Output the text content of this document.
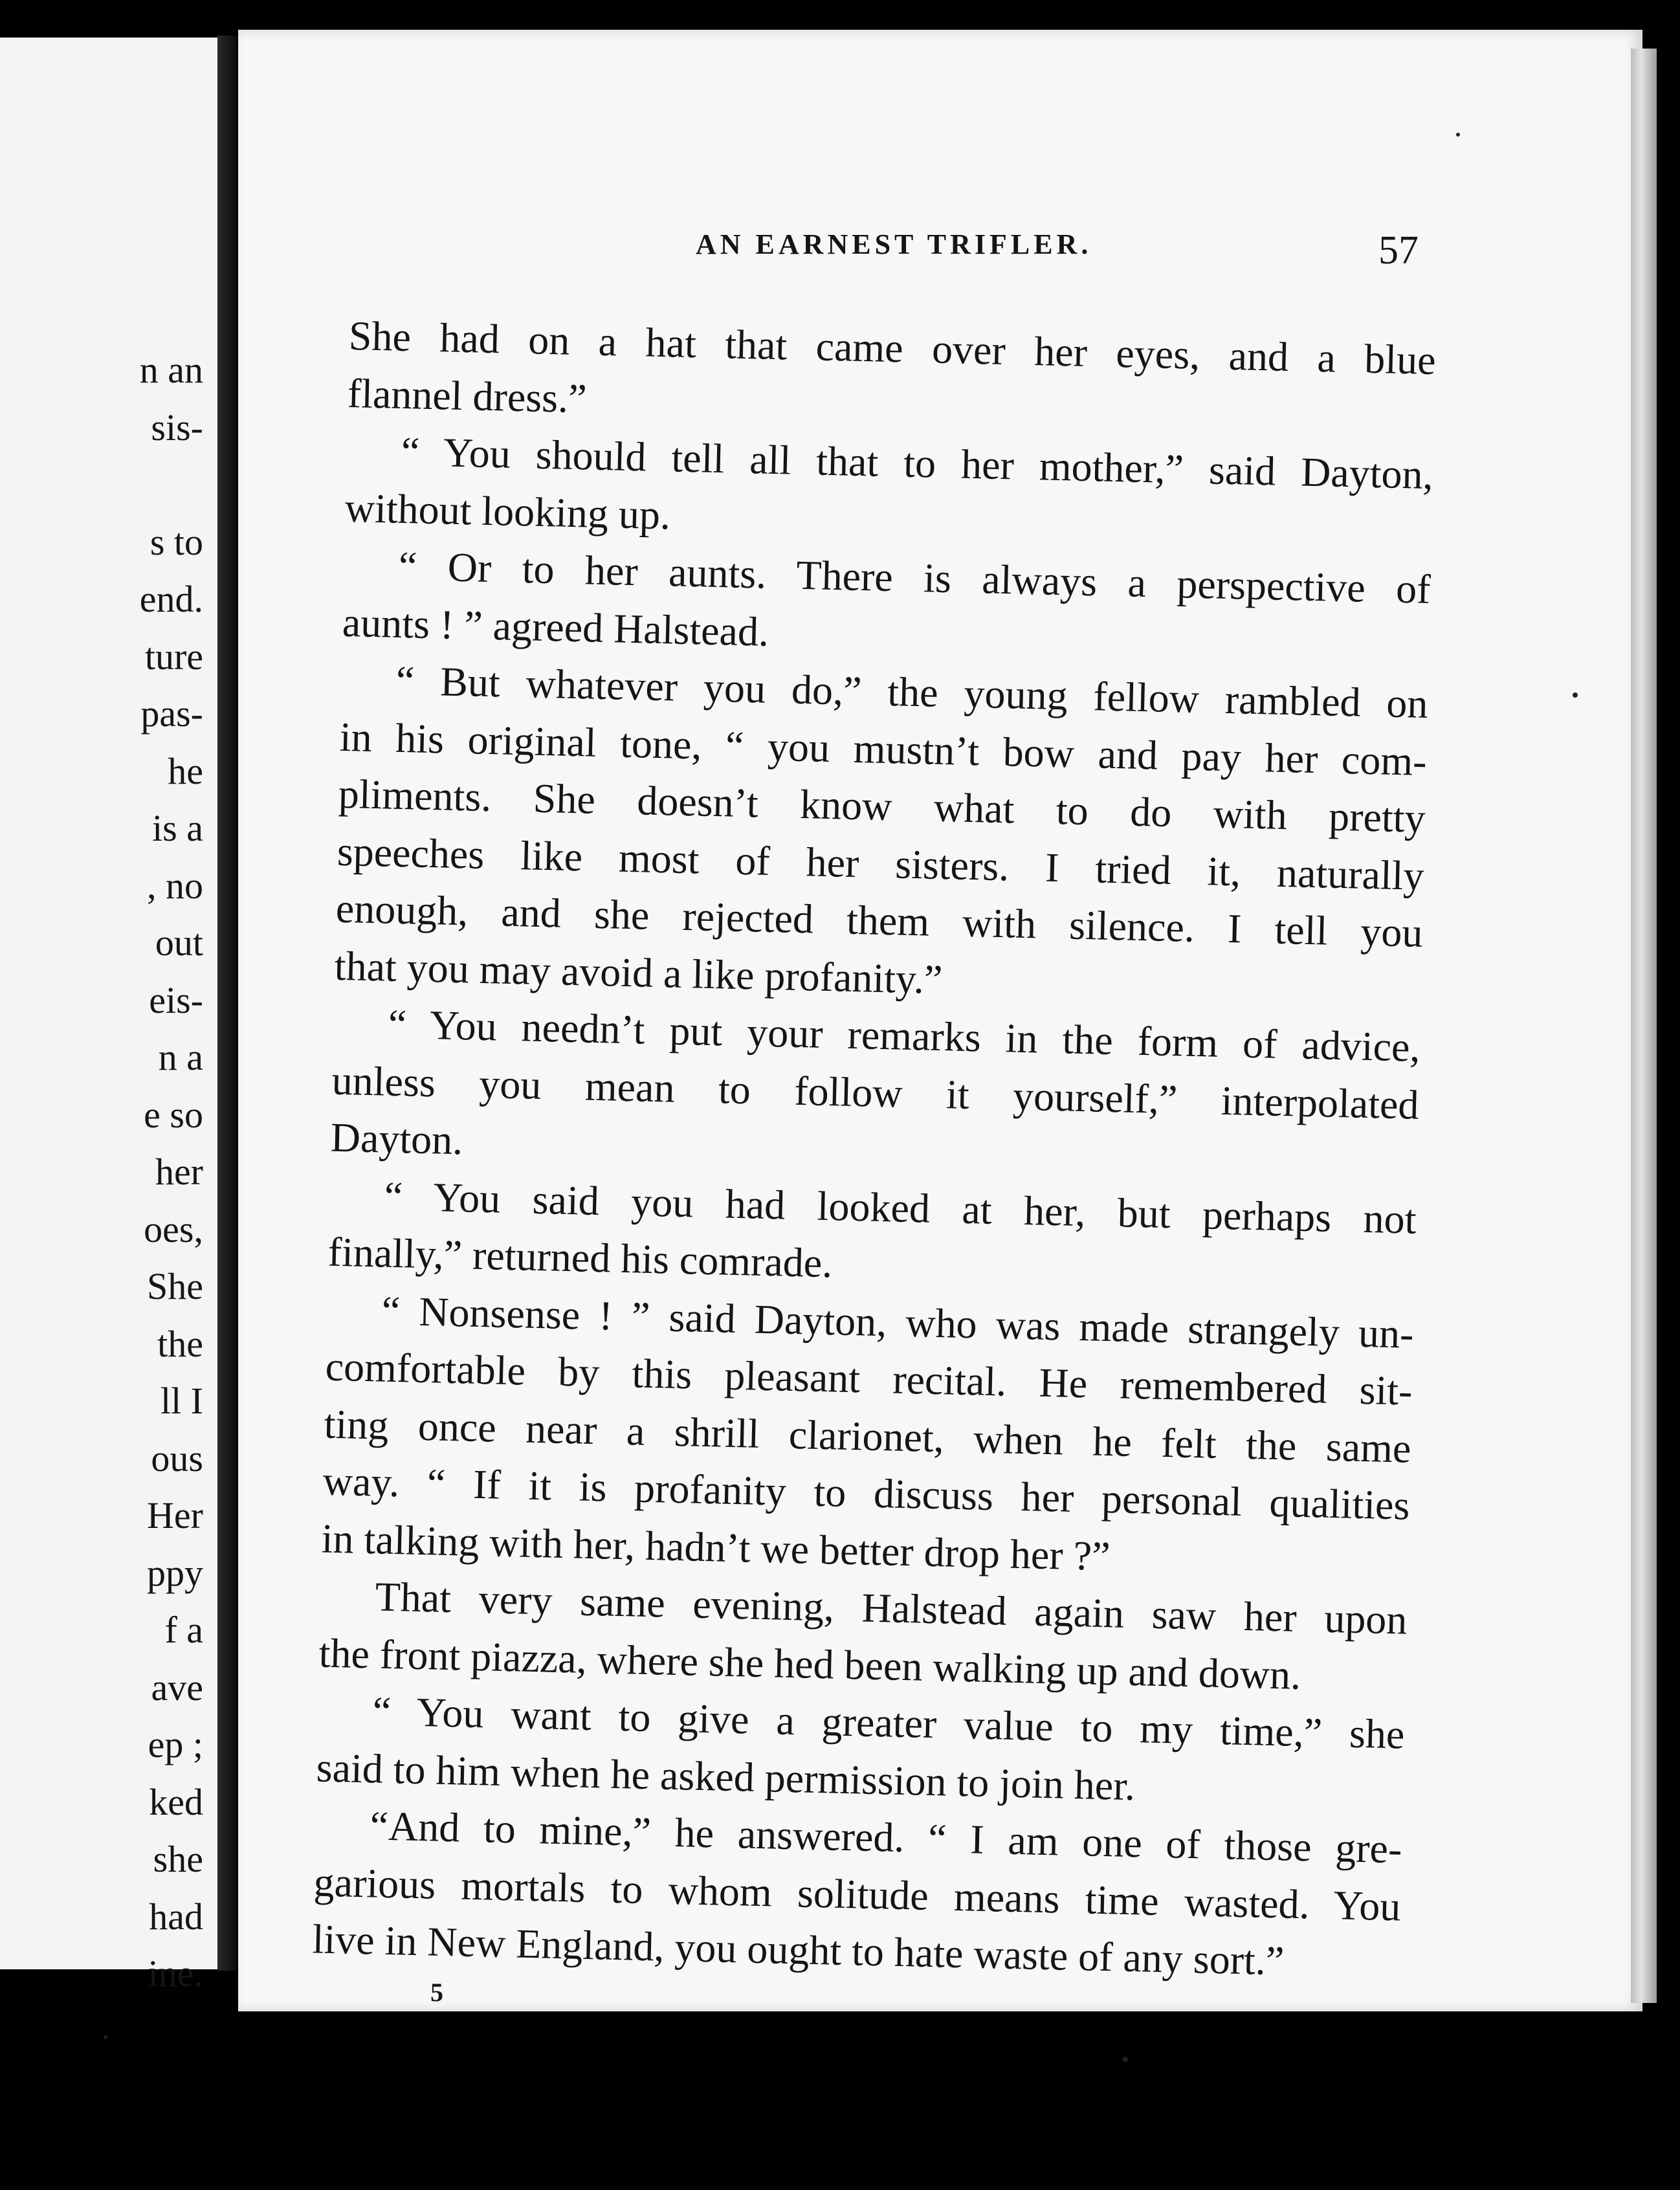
n an
sis-

s to
end.
ture
pas-
he
is a
, no
out
eis-
n a
e so
her
oes,
She
the
ll I
ous
Her
ppy
f a
ave
ep ;
ked
she
had
ine.
AN EARNEST TRIFLER.	57
She had on a hat that came over her eyes, and a blue
flannel dress.”
“ You should tell all that to her mother,” said Dayton,
without looking up.
“ Or to her aunts. There is always a perspective of
aunts ! ” agreed Halstead.
“ But whatever you do,” the young fellow rambled on
in his original tone, “ you mustn’t bow and pay her com-
pliments. She doesn’t know what to do with pretty
speeches like most of her sisters. I tried it, naturally
enough, and she rejected them with silence. I tell you
that you may avoid a like profanity.”
“ You needn’t put your remarks in the form of advice,
unless you mean to follow it yourself,” interpolated
Dayton.
“ You said you had looked at her, but perhaps not
finally,” returned his comrade.
“ Nonsense ! ” said Dayton, who was made strangely un-
comfortable by this pleasant recital. He remembered sit-
ting once near a shrill clarionet, when he felt the same
way. “ If it is profanity to discuss her personal qualities
in talking with her, hadn’t we better drop her ?”
That very same evening, Halstead again saw her upon
the front piazza, where she hed been walking up and down.
“ You want to give a greater value to my time,” she
said to him when he asked permission to join her.
“And to mine,” he answered. “ I am one of those gre-
garious mortals to whom solitude means time wasted. You
live in New England, you ought to hate waste of any sort.”
5
